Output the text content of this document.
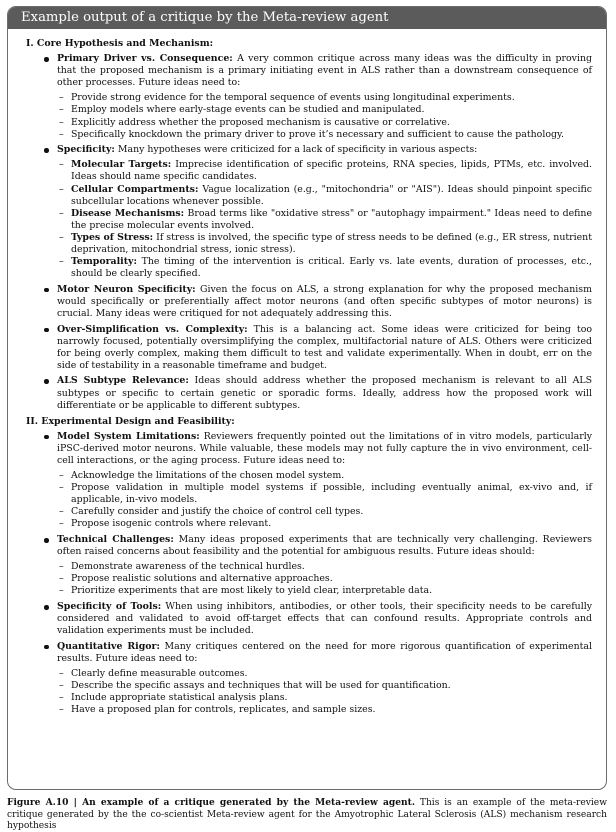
Example output of a critique by the Meta-review agent
I. Core Hypothesis and Mechanism:
Primary Driver vs. Consequence: A very common critique across many ideas was the difficulty in proving that the proposed mechanism is a primary initiating event in ALS rather than a downstream consequence of other processes. Future ideas need to:
– Provide strong evidence for the temporal sequence of events using longitudinal experiments.
– Employ models where early-stage events can be studied and manipulated.
– Explicitly address whether the proposed mechanism is causative or correlative.
– Specifically knockdown the primary driver to prove it’s necessary and sufficient to cause the pathology.
Specificity: Many hypotheses were criticized for a lack of specificity in various aspects:
– Molecular Targets: Imprecise identification of specific proteins, RNA species, lipids, PTMs, etc. involved. Ideas should name specific candidates.
– Cellular Compartments: Vague localization (e.g., "mitochondria" or "AIS"). Ideas should pinpoint specific subcellular locations whenever possible.
– Disease Mechanisms: Broad terms like "oxidative stress" or "autophagy impairment." Ideas need to define the precise molecular events involved.
– Types of Stress: If stress is involved, the specific type of stress needs to be defined (e.g., ER stress, nutrient deprivation, mitochondrial stress, ionic stress).
– Temporality: The timing of the intervention is critical. Early vs. late events, duration of processes, etc., should be clearly specified.
Motor Neuron Specificity: Given the focus on ALS, a strong explanation for why the proposed mechanism would specifically or preferentially affect motor neurons (and often specific subtypes of motor neurons) is crucial. Many ideas were critiqued for not adequately addressing this.
Over-Simplification vs. Complexity: This is a balancing act. Some ideas were criticized for being too narrowly focused, potentially oversimplifying the complex, multifactorial nature of ALS. Others were criticized for being overly complex, making them difficult to test and validate experimentally. When in doubt, err on the side of testability in a reasonable timeframe and budget.
ALS Subtype Relevance: Ideas should address whether the proposed mechanism is relevant to all ALS subtypes or specific to certain genetic or sporadic forms. Ideally, address how the proposed work will differentiate or be applicable to different subtypes.
II. Experimental Design and Feasibility:
Model System Limitations: Reviewers frequently pointed out the limitations of in vitro models, particularly iPSC-derived motor neurons. While valuable, these models may not fully capture the in vivo environment, cell-cell interactions, or the aging process. Future ideas need to:
– Acknowledge the limitations of the chosen model system.
– Propose validation in multiple model systems if possible, including eventually animal, ex-vivo and, if applicable, in-vivo models.
– Carefully consider and justify the choice of control cell types.
– Propose isogenic controls where relevant.
Technical Challenges: Many ideas proposed experiments that are technically very challenging. Reviewers often raised concerns about feasibility and the potential for ambiguous results. Future ideas should:
– Demonstrate awareness of the technical hurdles.
– Propose realistic solutions and alternative approaches.
– Prioritize experiments that are most likely to yield clear, interpretable data.
Specificity of Tools: When using inhibitors, antibodies, or other tools, their specificity needs to be carefully considered and validated to avoid off-target effects that can confound results. Appropriate controls and validation experiments must be included.
Quantitative Rigor: Many critiques centered on the need for more rigorous quantification of experimental results. Future ideas need to:
– Clearly define measurable outcomes.
– Describe the specific assays and techniques that will be used for quantification.
– Include appropriate statistical analysis plans.
– Have a proposed plan for controls, replicates, and sample sizes.
Figure A.10 | An example of a critique generated by the Meta-review agent. This is an example of the meta-review critique generated by the the co-scientist Meta-review agent for the Amyotrophic Lateral Sclerosis (ALS) mechanism research hypothesis
